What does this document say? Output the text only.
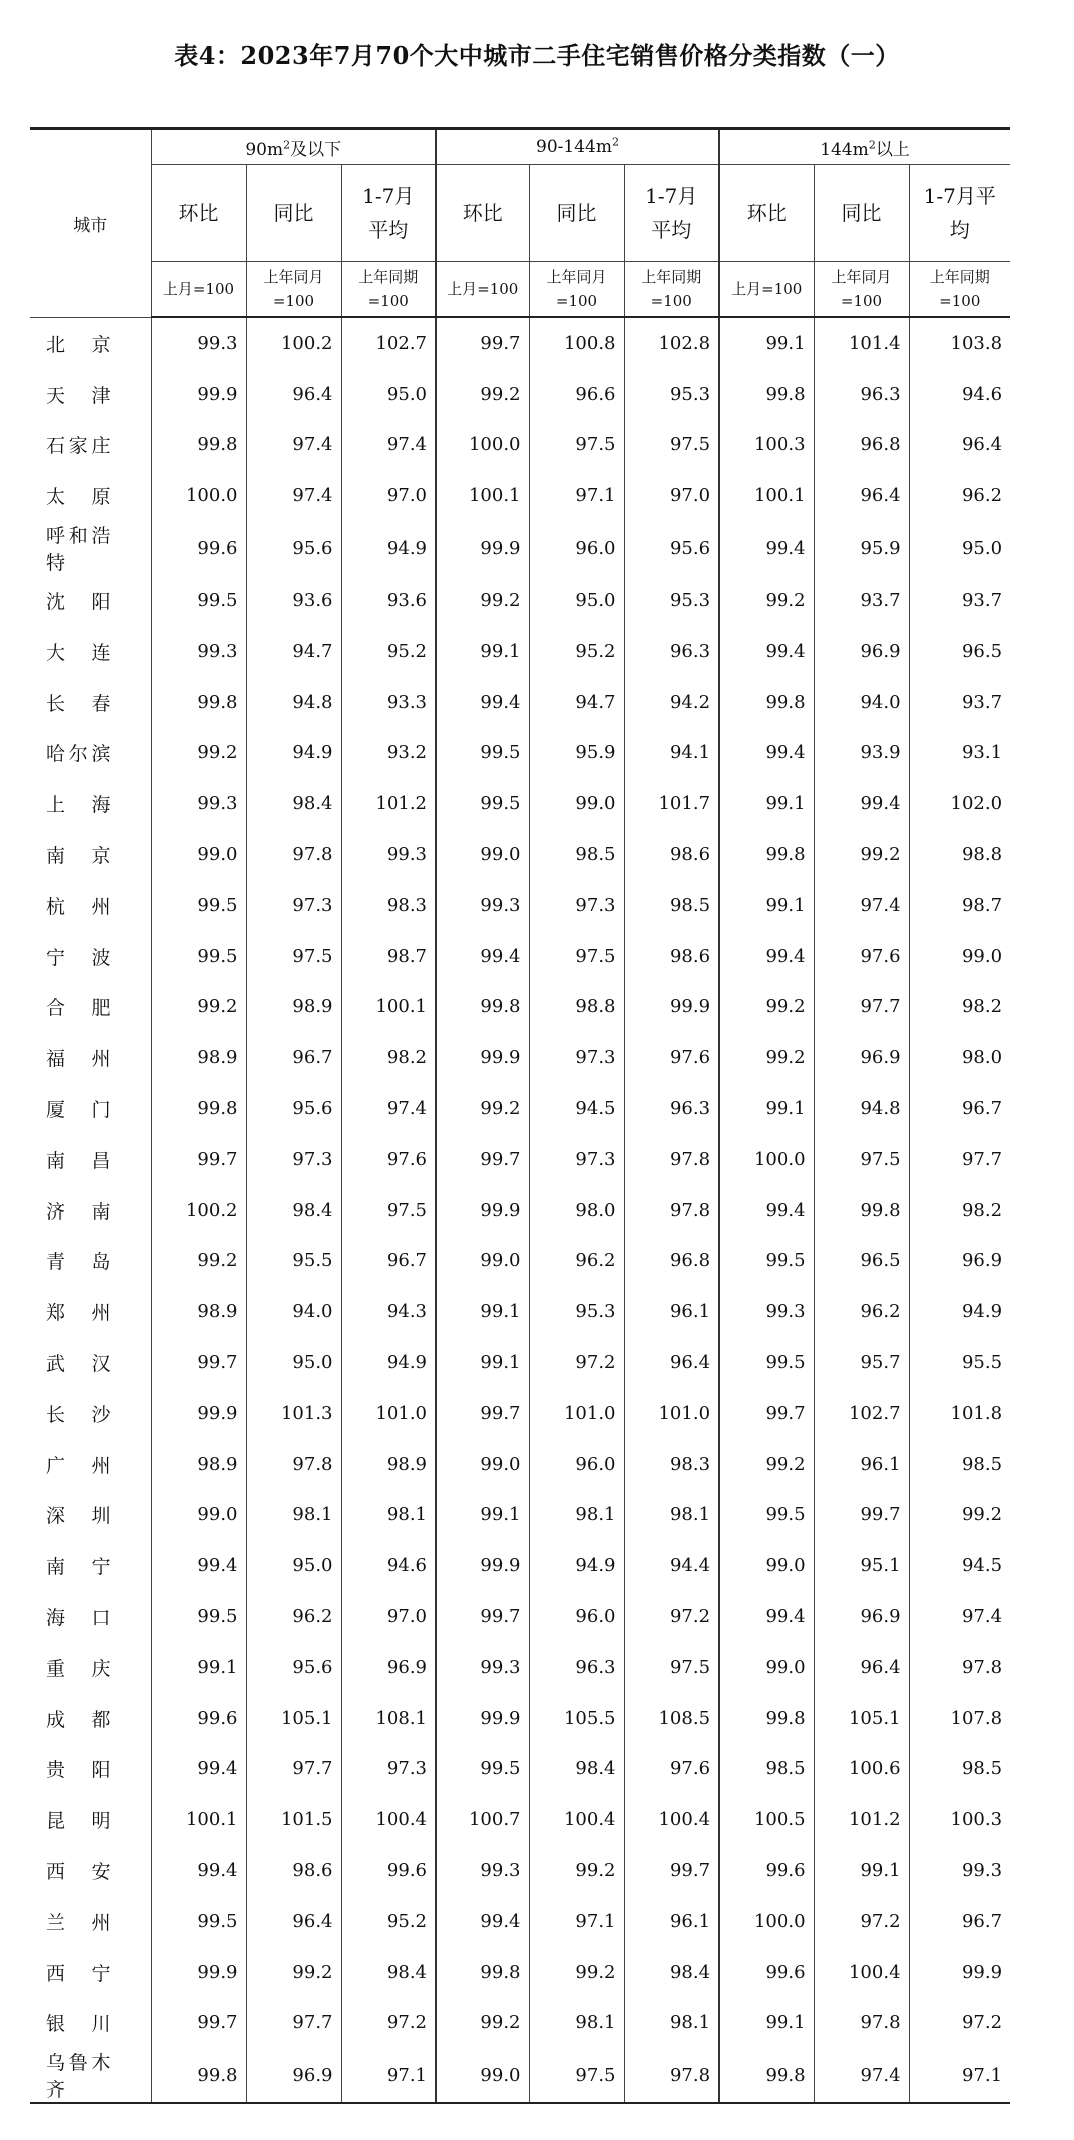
表4：2023年7月70个大中城市二手住宅销售价格分类指数（一）
城市	$90m^2$及以下			$90-144m^2$			$144m^2$以上		
	环比	同比	1-7月平均	环比	同比	1-7月平均	环比	同比	1-7月平均
	上月=100	上年同月=100	上年同期=100	上月=100	上年同月=100	上年同期=100	上月=100	上年同月=100	上年同期=100
北京	99.3	100.2	102.7	99.7	100.8	102.8	99.1	101.4	103.8
天津	99.9	96.4	95.0	99.2	96.6	95.3	99.8	96.3	94.6
石家庄	99.8	97.4	97.4	100.0	97.5	97.5	100.3	96.8	96.4
太原	100.0	97.4	97.0	100.1	97.1	97.0	100.1	96.4	96.2
呼和浩特	99.6	95.6	94.9	99.9	96.0	95.6	99.4	95.9	95.0
沈阳	99.5	93.6	93.6	99.2	95.0	95.3	99.2	93.7	93.7
大连	99.3	94.7	95.2	99.1	95.2	96.3	99.4	96.9	96.5
长春	99.8	94.8	93.3	99.4	94.7	94.2	99.8	94.0	93.7
哈尔滨	99.2	94.9	93.2	99.5	95.9	94.1	99.4	93.9	93.1
上海	99.3	98.4	101.2	99.5	99.0	101.7	99.1	99.4	102.0
南京	99.0	97.8	99.3	99.0	98.5	98.6	99.8	99.2	98.8
杭州	99.5	97.3	98.3	99.3	97.3	98.5	99.1	97.4	98.7
宁波	99.5	97.5	98.7	99.4	97.5	98.6	99.4	97.6	99.0
合肥	99.2	98.9	100.1	99.8	98.8	99.9	99.2	97.7	98.2
福州	98.9	96.7	98.2	99.9	97.3	97.6	99.2	96.9	98.0
厦门	99.8	95.6	97.4	99.2	94.5	96.3	99.1	94.8	96.7
南昌	99.7	97.3	97.6	99.7	97.3	97.8	100.0	97.5	97.7
济南	100.2	98.4	97.5	99.9	98.0	97.8	99.4	99.8	98.2
青岛	99.2	95.5	96.7	99.0	96.2	96.8	99.5	96.5	96.9
郑州	98.9	94.0	94.3	99.1	95.3	96.1	99.3	96.2	94.9
武汉	99.7	95.0	94.9	99.1	97.2	96.4	99.5	95.7	95.5
长沙	99.9	101.3	101.0	99.7	101.0	101.0	99.7	102.7	101.8
广州	98.9	97.8	98.9	99.0	96.0	98.3	99.2	96.1	98.5
深圳	99.0	98.1	98.1	99.1	98.1	98.1	99.5	99.7	99.2
南宁	99.4	95.0	94.6	99.9	94.9	94.4	99.0	95.1	94.5
海口	99.5	96.2	97.0	99.7	96.0	97.2	99.4	96.9	97.4
重庆	99.1	95.6	96.9	99.3	96.3	97.5	99.0	96.4	97.8
成都	99.6	105.1	108.1	99.9	105.5	108.5	99.8	105.1	107.8
贵阳	99.4	97.7	97.3	99.5	98.4	97.6	98.5	100.6	98.5
昆明	100.1	101.5	100.4	100.7	100.4	100.4	100.5	101.2	100.3
西安	99.4	98.6	99.6	99.3	99.2	99.7	99.6	99.1	99.3
兰州	99.5	96.4	95.2	99.4	97.1	96.1	100.0	97.2	96.7
西宁	99.9	99.2	98.4	99.8	99.2	98.4	99.6	100.4	99.9
银川	99.7	97.7	97.2	99.2	98.1	98.1	99.1	97.8	97.2
乌鲁木齐	99.8	96.9	97.1	99.0	97.5	97.8	99.8	97.4	97.1
